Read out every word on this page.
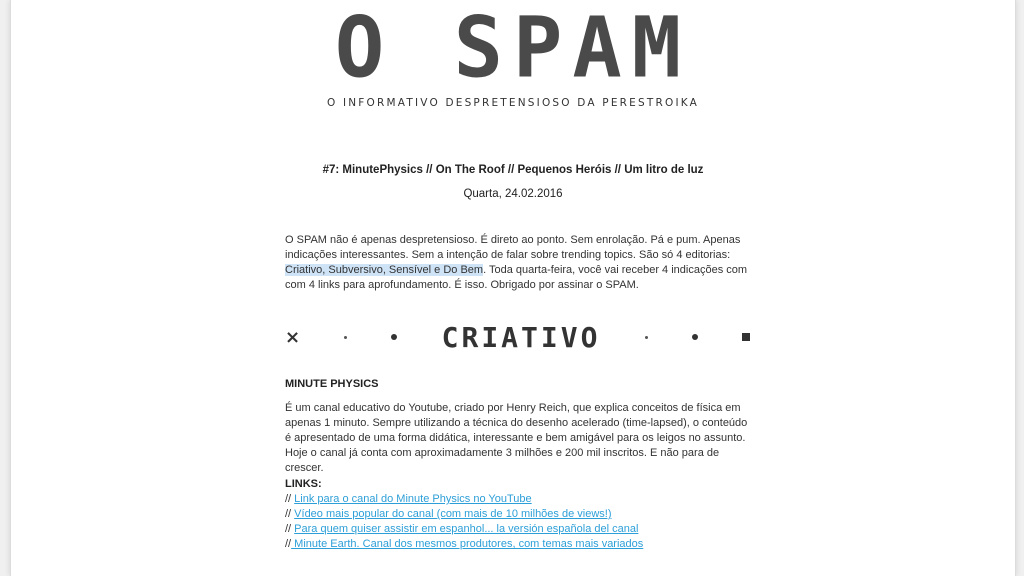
O SPAM
O INFORMATIVO DESPRETENSIOSO DA PERESTROIKA
#7: MinutePhysics // On The Roof // Pequenos Heróis // Um litro de luz
Quarta, 24.02.2016
O SPAM não é apenas despretensioso. É direto ao ponto. Sem enrolação. Pá e pum. Apenas indicações interessantes. Sem a intenção de falar sobre trending topics. São só 4 editorias: Criativo, Subversivo, Sensível e Do Bem. Toda quarta-feira, você vai receber 4 indicações com com 4 links para aprofundamento. É isso. Obrigado por assinar o SPAM.
×	CRIATIVO
MINUTE PHYSICS
É um canal educativo do Youtube, criado por Henry Reich, que explica conceitos de física em apenas 1 minuto. Sempre utilizando a técnica do desenho acelerado (time-lapsed), o conteúdo é apresentado de uma forma didática, interessante e bem amigável para os leigos no assunto. Hoje o canal já conta com aproximadamente 3 milhões e 200 mil inscritos. E não para de crescer.
LINKS:
// Link para o canal do Minute Physics no YouTube
// Vídeo mais popular do canal (com mais de 10 milhões de views!)
// Para quem quiser assistir em espanhol... la versión española del canal
// Minute Earth. Canal dos mesmos produtores, com temas mais variados
